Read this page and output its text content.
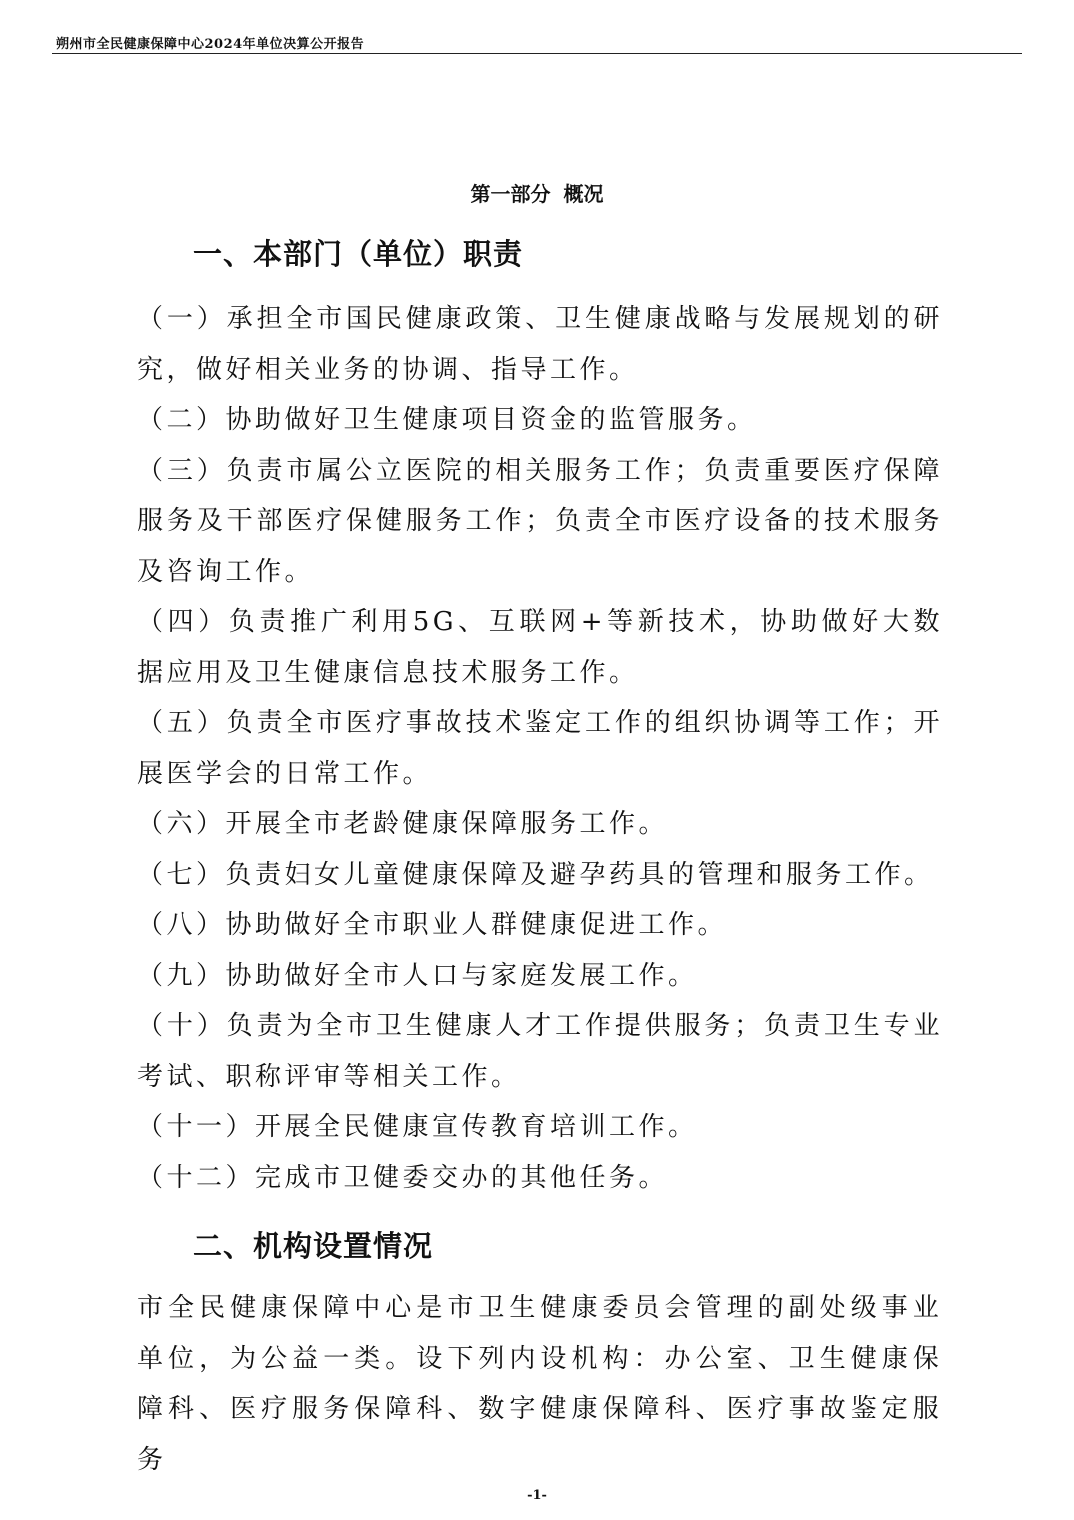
朔州市全民健康保障中心2024年单位决算公开报告
第一部分 概况
一、本部门（单位）职责

（一）承担全市国民健康政策、卫生健康战略与发展规划的研究，做好相关业务的协调、指导工作。

（二）协助做好卫生健康项目资金的监管服务。

（三）负责市属公立医院的相关服务工作；负责重要医疗保障服务及干部医疗保健服务工作；负责全市医疗设备的技术服务及咨询工作。

（四）负责推广利用5G、互联网+等新技术，协助做好大数据应用及卫生健康信息技术服务工作。

（五）负责全市医疗事故技术鉴定工作的组织协调等工作；开展医学会的日常工作。

（六）开展全市老龄健康保障服务工作。

（七）负责妇女儿童健康保障及避孕药具的管理和服务工作。

（八）协助做好全市职业人群健康促进工作。

（九）协助做好全市人口与家庭发展工作。

（十）负责为全市卫生健康人才工作提供服务；负责卫生专业考试、职称评审等相关工作。

（十一）开展全民健康宣传教育培训工作。

（十二）完成市卫健委交办的其他任务。

二、机构设置情况

市全民健康保障中心是市卫生健康委员会管理的副处级事业单位，为公益一类。设下列内设机构：办公室、卫生健康保障科、医疗服务保障科、数字健康保障科、医疗事故鉴定服务

-1-
